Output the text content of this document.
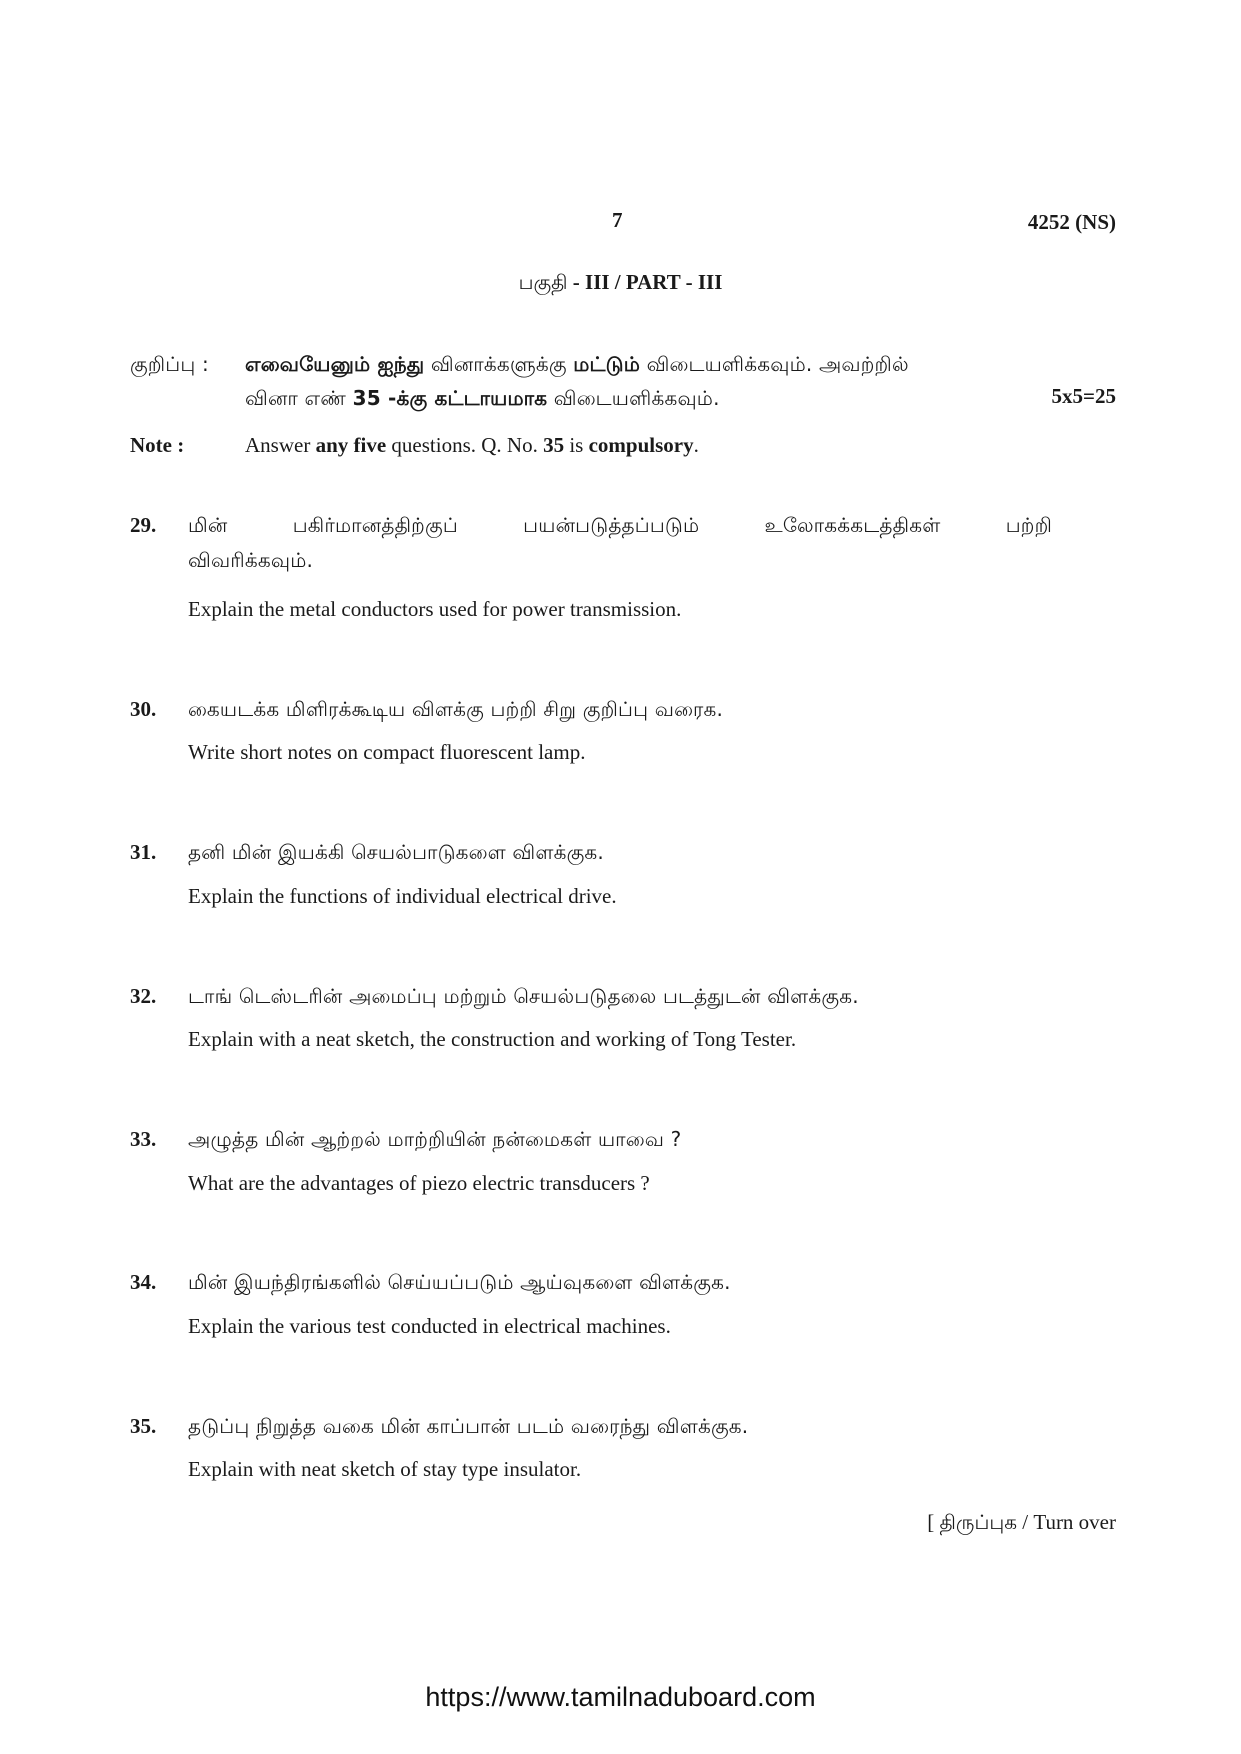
7	4252 (NS)
பகுதி - III / PART - III
குறிப்பு : எவையேனும் ஐந்து வினாக்களுக்கு மட்டும் விடையளிக்கவும். அவற்றில்
வினா எண் 35 -க்கு கட்டாயமாக விடையளிக்கவும்.	5x5=25
Note :	Answer any five questions. Q. No. 35 is compulsory.
29. மின்	பகிர்மானத்திற்குப்	பயன்படுத்தப்படும்	உலோகக்கடத்திகள்	பற்றி
விவரிக்கவும்.
Explain the metal conductors used for power transmission.
30. கையடக்க மிளிரக்கூடிய விளக்கு பற்றி சிறு குறிப்பு வரைக.
Write short notes on compact fluorescent lamp.
31. தனி மின் இயக்கி செயல்பாடுகளை விளக்குக.
Explain the functions of individual electrical drive.
32. டாங் டெஸ்டரின் அமைப்பு மற்றும் செயல்படுதலை படத்துடன் விளக்குக.
Explain with a neat sketch, the construction and working of Tong Tester.
33. அழுத்த மின் ஆற்றல் மாற்றியின் நன்மைகள் யாவை ?
What are the advantages of piezo electric transducers ?
34. மின் இயந்திரங்களில் செய்யப்படும் ஆய்வுகளை விளக்குக.
Explain the various test conducted in electrical machines.
35. தடுப்பு நிறுத்த வகை மின் காப்பான் படம் வரைந்து விளக்குக.
Explain with neat sketch of stay type insulator.
[ திருப்புக / Turn over
https://www.tamilnaduboard.com
